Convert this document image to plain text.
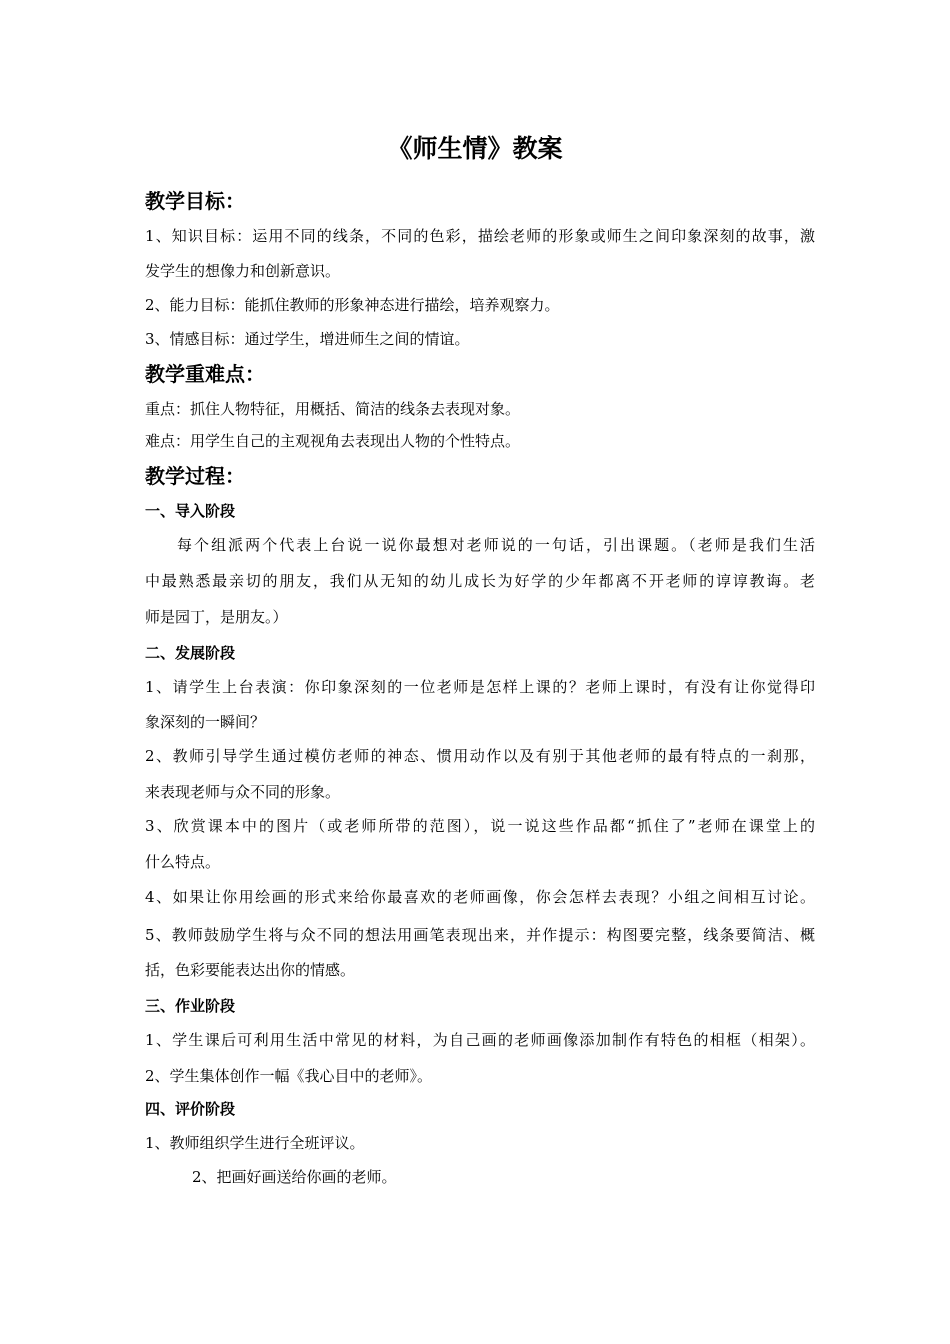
《师生情》教案
教学目标：
1、知识目标：运用不同的线条，不同的色彩，描绘老师的形象或师生之间印象深刻的故事，激
发学生的想像力和创新意识。
2、能力目标：能抓住教师的形象神态进行描绘，培养观察力。
3、情感目标：通过学生，增进师生之间的情谊。
教学重难点：
重点：抓住人物特征，用概括、简洁的线条去表现对象。
难点：用学生自己的主观视角去表现出人物的个性特点。
教学过程：
一、导入阶段
每个组派两个代表上台说一说你最想对老师说的一句话，引出课题。（老师是我们生活
中最熟悉最亲切的朋友，我们从无知的幼儿成长为好学的少年都离不开老师的谆谆教诲。老
师是园丁，是朋友。）
二、发展阶段
1、请学生上台表演：你印象深刻的一位老师是怎样上课的？老师上课时，有没有让你觉得印
象深刻的一瞬间？
2、教师引导学生通过模仿老师的神态、惯用动作以及有别于其他老师的最有特点的一刹那，
来表现老师与众不同的形象。
3、欣赏课本中的图片（或老师所带的范图），说一说这些作品都“抓住了”老师在课堂上的
什么特点。
4、如果让你用绘画的形式来给你最喜欢的老师画像，你会怎样去表现？小组之间相互讨论。
5、教师鼓励学生将与众不同的想法用画笔表现出来，并作提示：构图要完整，线条要简洁、概
括，色彩要能表达出你的情感。
三、作业阶段
1、学生课后可利用生活中常见的材料，为自己画的老师画像添加制作有特色的相框（相架）。
2、学生集体创作一幅《我心目中的老师》。
四、评价阶段
1、教师组织学生进行全班评议。
2、把画好画送给你画的老师。
